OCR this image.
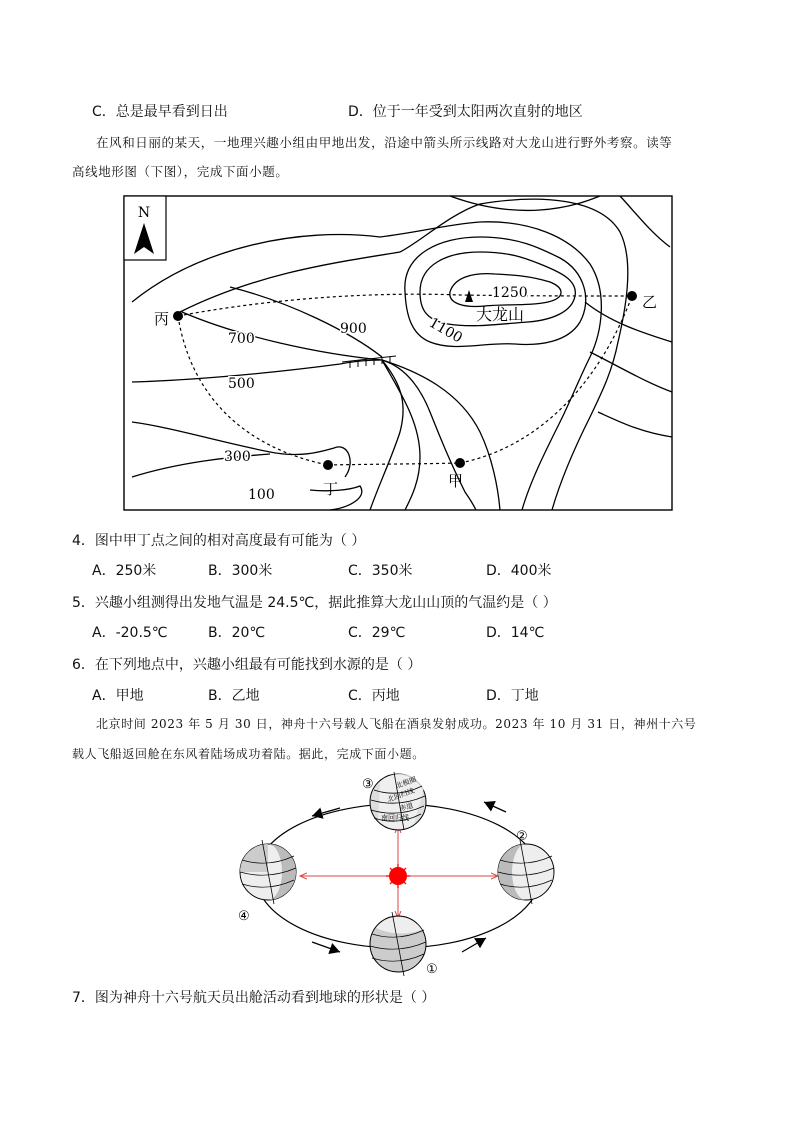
C．总是最早看到日出	D．位于一年受到太阳两次直射的地区
在风和日丽的某天，一地理兴趣小组由甲地出发，沿途中箭头所示线路对大龙山进行野外考察。读等
高线地形图（下图），完成下面小题。
N
丙
乙
丁	甲
大龙山
1250
1100
900
700
500
300
100
4．图中甲丁点之间的相对高度最有可能为（ ）
A．250米	B．300米	C．350米	D．400米
5．兴趣小组测得出发地气温是 24.5℃，据此推算大龙山山顶的气温约是（ ）
A．-20.5℃	B．20℃	C．29℃	D．14℃
6．在下列地点中，兴趣小组最有可能找到水源的是（ ）
A．甲地	B．乙地	C．丙地	D．丁地
北京时间 2023 年 5 月 30 日，神舟十六号载人飞船在酒泉发射成功。2023 年 10 月 31 日，神州十六号
载人飞船返回舱在东风着陆场成功着陆。据此，完成下面小题。
北极圈
北回归线
赤道
南回归线
③
②
④
①
7．图为神舟十六号航天员出舱活动看到地球的形状是（ ）
